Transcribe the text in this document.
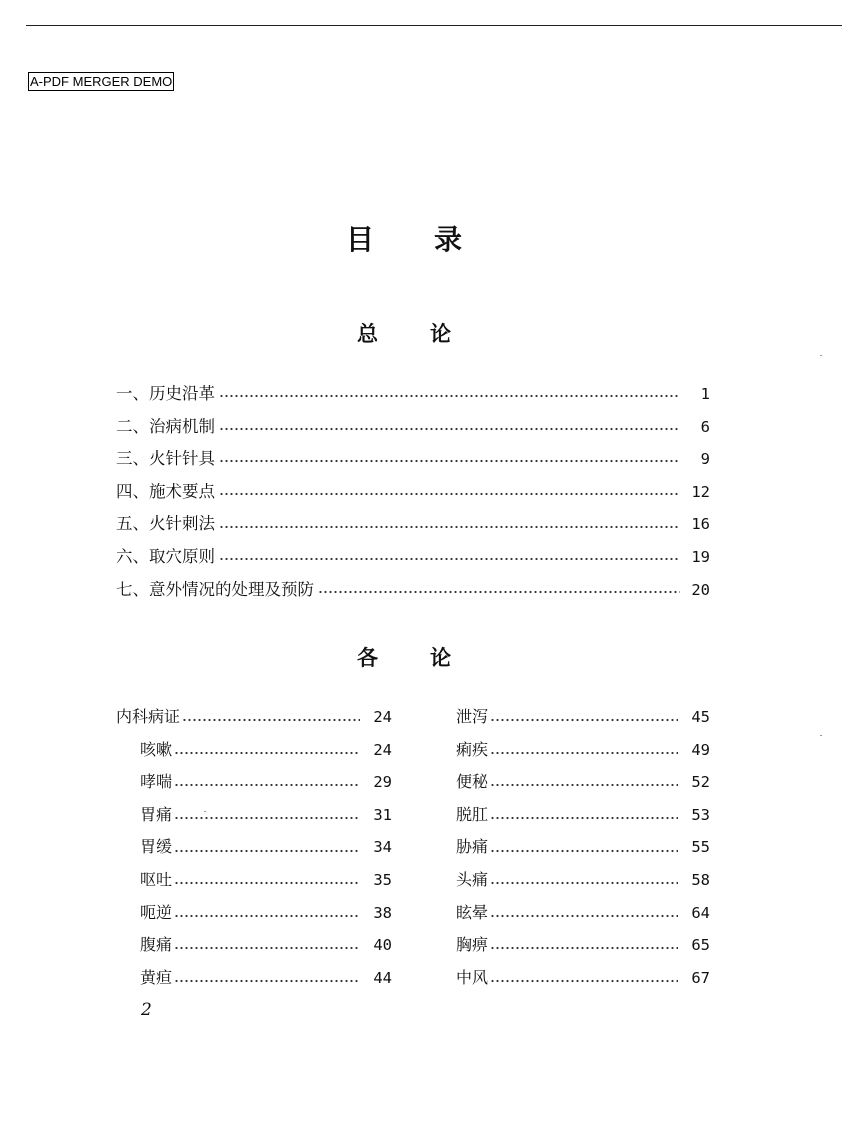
A-PDF MERGER DEMO
目录
总论
一、历史沿革	1
二、治病机制	6
三、火针针具	9
四、施术要点	12
五、火针刺法	16
六、取穴原则	19
七、意外情况的处理及预防	20
各论
内科病证	24
咳嗽	24
哮喘	29
胃痛	31
胃缓	34
呕吐	35
呃逆	38
腹痛	40
黄疸	44
泄泻	45
痢疾	49
便秘	52
脱肛	53
胁痛	55
头痛	58
眩晕	64
胸痹	65
中风	67
2
